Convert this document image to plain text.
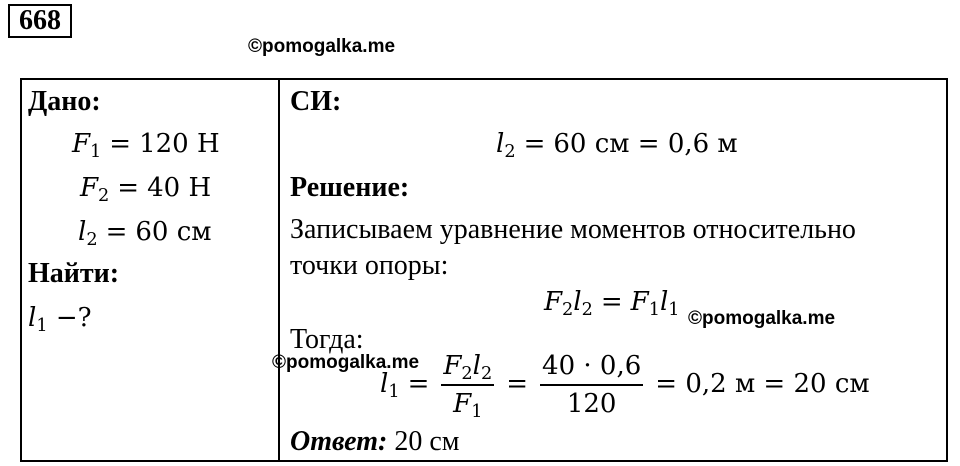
668
©pomogalka.me
Дано:
$F_1 = 120$ Н
$F_2 = 40$ Н
$l_2 = 60$ см
Найти:
$l_1$ −?
СИ:
$l_2 = 60$ см = 0,6 м
Решение:
Записываем уравнение моментов относительно
точки опоры:
$F_2l_2 = F_1l_1$
Тогда:
$l_1 = \frac{F_2l_2}{F_1} = \frac{40 \cdot 0,6}{120} = 0,2$ м = 20 см
Ответ: 20 см
©pomogalka.me
©pomogalka.me
